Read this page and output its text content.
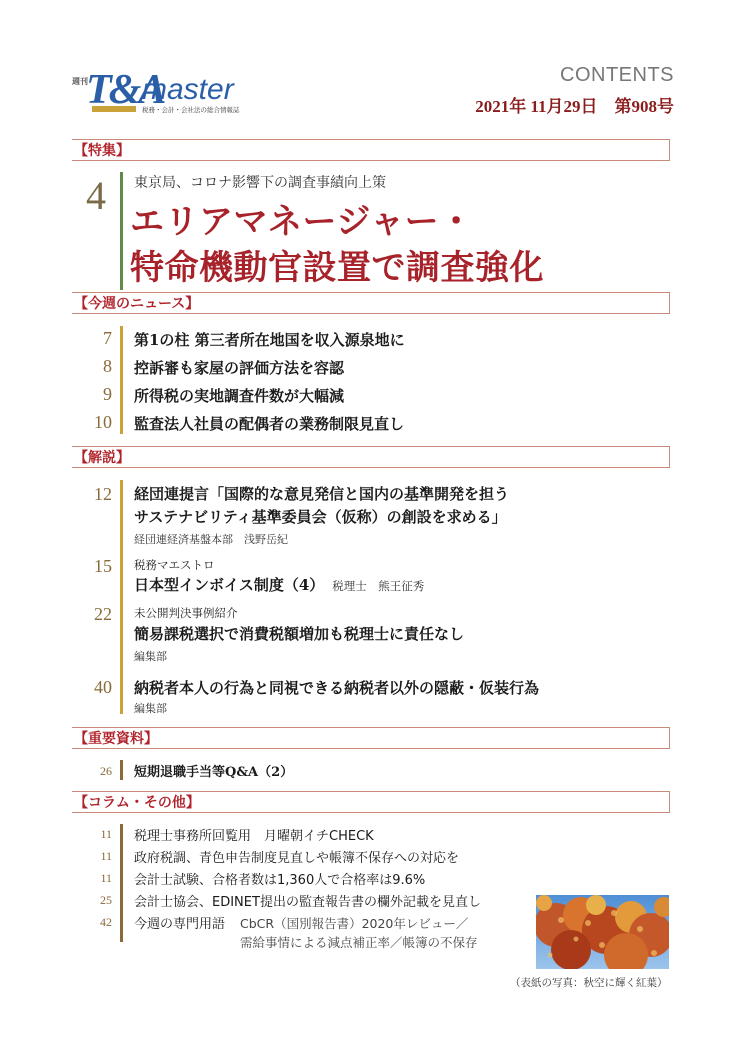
週刊
T&A
master
税務・会計・会社法の総合情報誌
CONTENTS
2021年 11月29日　第908号
【特集】
4 東京局、コロナ影響下の調査事績向上策
エリアマネージャー・
特命機動官設置で調査強化
【今週のニュース】
7 第1の柱 第三者所在地国を収入源泉地に
8 控訴審も家屋の評価方法を容認
9 所得税の実地調査件数が大幅減
10 監査法人社員の配偶者の業務制限見直し
【解説】
12 経団連提言「国際的な意見発信と国内の基準開発を担う
サステナビリティ基準委員会（仮称）の創設を求める」
経団連経済基盤本部　浅野岳紀
税務マエストロ
15
日本型インボイス制度（4） 税理士　熊王征秀
未公開判決事例紹介
22
簡易課税選択で消費税額増加も税理士に責任なし
編集部
40 納税者本人の行為と同視できる納税者以外の隠蔽・仮装行為
編集部
【重要資料】
26 短期退職手当等Q&A（2）
【コラム・その他】
11 税理士事務所回覧用　月曜朝イチCHECK
11 政府税調、青色申告制度見直しや帳簿不保存への対応を
11 会計士試験、合格者数は1,360人で合格率は9.6%
25 会計士協会、EDINET提出の監査報告書の欄外記載を見直し
42 今週の専門用語 CbCR（国別報告書）2020年レビュー／
需給事情による減点補正率／帳簿の不保存
（表紙の写真：秋空に輝く紅葉）
